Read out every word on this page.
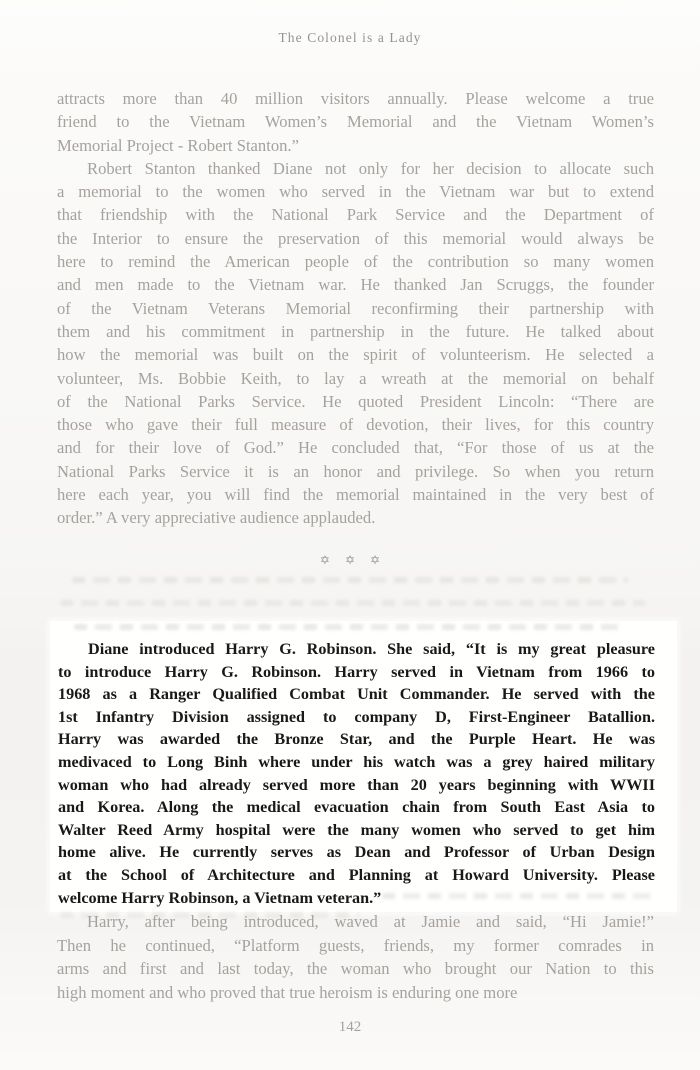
The Colonel is a Lady
attracts more than 40 million visitors annually. Please welcome a true
friend to the Vietnam Women’s Memorial and the Vietnam Women’s
Memorial Project - Robert Stanton.”
Robert Stanton thanked Diane not only for her decision to allocate such
a memorial to the women who served in the Vietnam war but to extend
that friendship with the National Park Service and the Department of
the Interior to ensure the preservation of this memorial would always be
here to remind the American people of the contribution so many women
and men made to the Vietnam war. He thanked Jan Scruggs, the founder
of the Vietnam Veterans Memorial reconfirming their partnership with
them and his commitment in partnership in the future. He talked about
how the memorial was built on the spirit of volunteerism. He selected a
volunteer, Ms. Bobbie Keith, to lay a wreath at the memorial on behalf
of the National Parks Service. He quoted President Lincoln: “There are
those who gave their full measure of devotion, their lives, for this country
and for their love of God.” He concluded that, “For those of us at the
National Parks Service it is an honor and privilege. So when you return
here each year, you will find the memorial maintained in the very best of
order.” A very appreciative audience applauded.
✡ ✡ ✡
Diane introduced Harry G. Robinson. She said, “It is my great pleasure
to introduce Harry G. Robinson. Harry served in Vietnam from 1966 to
1968 as a Ranger Qualified Combat Unit Commander. He served with the
1st Infantry Division assigned to company D, First-Engineer Batallion.
Harry was awarded the Bronze Star, and the Purple Heart. He was
medivaced to Long Binh where under his watch was a grey haired military
woman who had already served more than 20 years beginning with WWII
and Korea. Along the medical evacuation chain from South East Asia to
Walter Reed Army hospital were the many women who served to get him
home alive. He currently serves as Dean and Professor of Urban Design
at the School of Architecture and Planning at Howard University. Please
welcome Harry Robinson, a Vietnam veteran.”
Harry, after being introduced, waved at Jamie and said, “Hi Jamie!”
Then he continued, “Platform guests, friends, my former comrades in
arms and first and last today, the woman who brought our Nation to this
high moment and who proved that true heroism is enduring one more
142
